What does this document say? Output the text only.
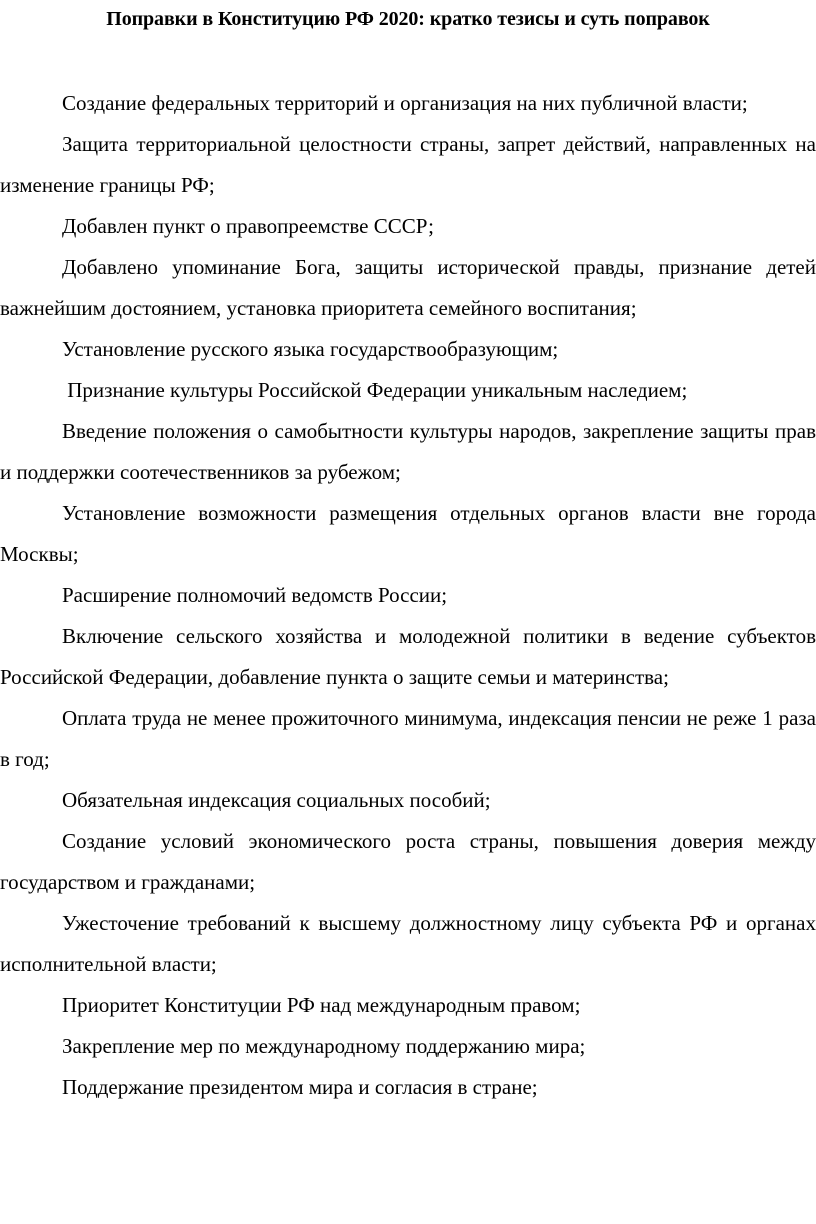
Поправки в Конституцию РФ 2020: кратко тезисы и суть поправок

Создание федеральных территорий и организация на них публичной власти;

Защита территориальной целостности страны, запрет действий, направленных на изменение границы РФ;

Добавлен пункт о правопреемстве СССР;

Добавлено упоминание Бога, защиты исторической правды, признание детей важнейшим достоянием, установка приоритета семейного воспитания;

Установление русского языка государствообразующим;

Признание культуры Российской Федерации уникальным наследием;

Введение положения о самобытности культуры народов, закрепление защиты прав и поддержки соотечественников за рубежом;

Установление возможности размещения отдельных органов власти вне города Москвы;

Расширение полномочий ведомств России;

Включение сельского хозяйства и молодежной политики в ведение субъектов Российской Федерации, добавление пункта о защите семьи и материнства;

Оплата труда не менее прожиточного минимума, индексация пенсии не реже 1 раза в год;

Обязательная индексация социальных пособий;

Создание условий экономического роста страны, повышения доверия между государством и гражданами;

Ужесточение требований к высшему должностному лицу субъекта РФ и органах исполнительной власти;

Приоритет Конституции РФ над международным правом;

Закрепление мер по международному поддержанию мира;

Поддержание президентом мира и согласия в стране;
